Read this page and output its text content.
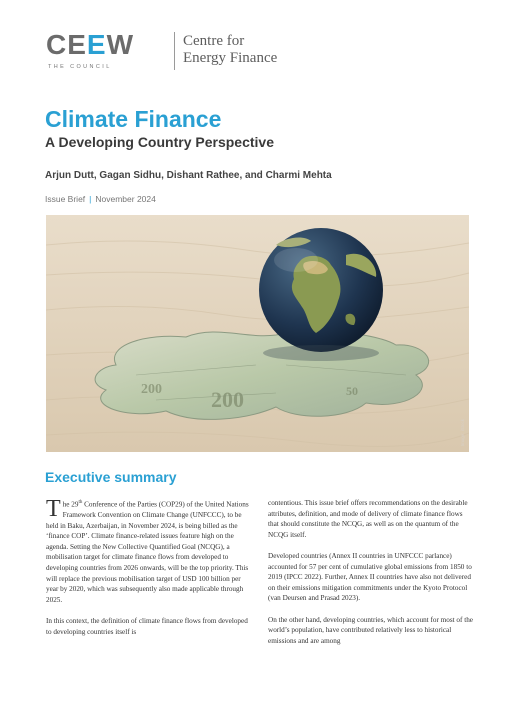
CEEW
THE COUNCIL
Centre for
Energy Finance
Climate Finance
A Developing Country Perspective
Arjun Dutt, Gagan Sidhu, Dishant Rathee, and Charmi Mehta
Issue Brief | November 2024
200
200	50
Image: iStock
Executive summary

The 29th Conference of the Parties (COP29) of the United Nations Framework Convention on Climate Change (UNFCCC), to be held in Baku, Azerbaijan, in November 2024, is being billed as the ‘finance COP’. Climate finance-related issues feature high on the agenda. Setting the New Collective Quantified Goal (NCQG), a mobilisation target for climate finance flows from developed to developing countries from 2026 onwards, will be the top priority. This will replace the previous mobilisation target of USD 100 billion per year by 2020, which was subsequently also made applicable through 2025.

In this context, the definition of climate finance flows from developed to developing countries itself is

contentious. This issue brief offers recommendations on the desirable attributes, definition, and mode of delivery of climate finance flows that should constitute the NCQG, as well as on the quantum of the NCQG itself.

Developed countries (Annex II countries in UNFCCC parlance) accounted for 57 per cent of cumulative global emissions from 1850 to 2019 (IPCC 2022). Further, Annex II countries have also not delivered on their emissions mitigation commitments under the Kyoto Protocol (van Deursen and Prasad 2023).

On the other hand, developing countries, which account for most of the world’s population, have contributed relatively less to historical emissions and are among
